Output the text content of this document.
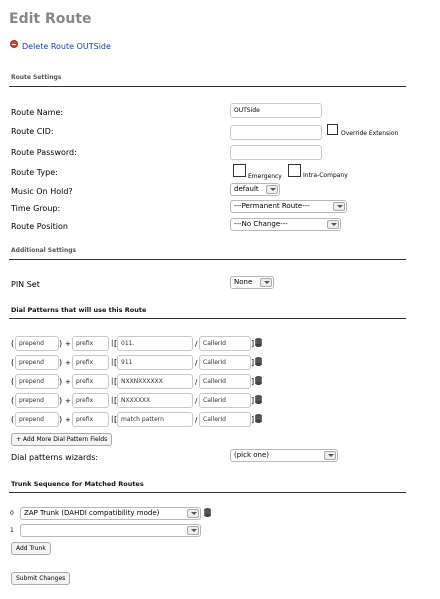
Edit Route
Delete Route OUTSide
Route Settings
Route Name:	OUTSide
Route CID:	Override Extension
Route Password:
Route Type:	Emergency	Intra-Company
Music On Hold?	default
Time Group:	---Permanent Route---
Route Position	---No Change---
Additional Settings
PIN Set	None
Dial Patterns that will use this Route
( prepend	) + prefix	| [ 011.	/ CallerId	]
( prepend	) + prefix	| [ 911	/ CallerId	]
( prepend	) + prefix	| [ NXXNXXXXXX	/ CallerId	]
( prepend	) + prefix	| [ NXXXXXX	/ CallerId	]
( prepend	) + prefix	| [ match pattern	/ CallerId	]
+ Add More Dial Pattern Fields
Dial patterns wizards:	(pick one)
Trunk Sequence for Matched Routes
0	ZAP Trunk (DAHDI compatibility mode)
1
Add Trunk
Submit Changes
